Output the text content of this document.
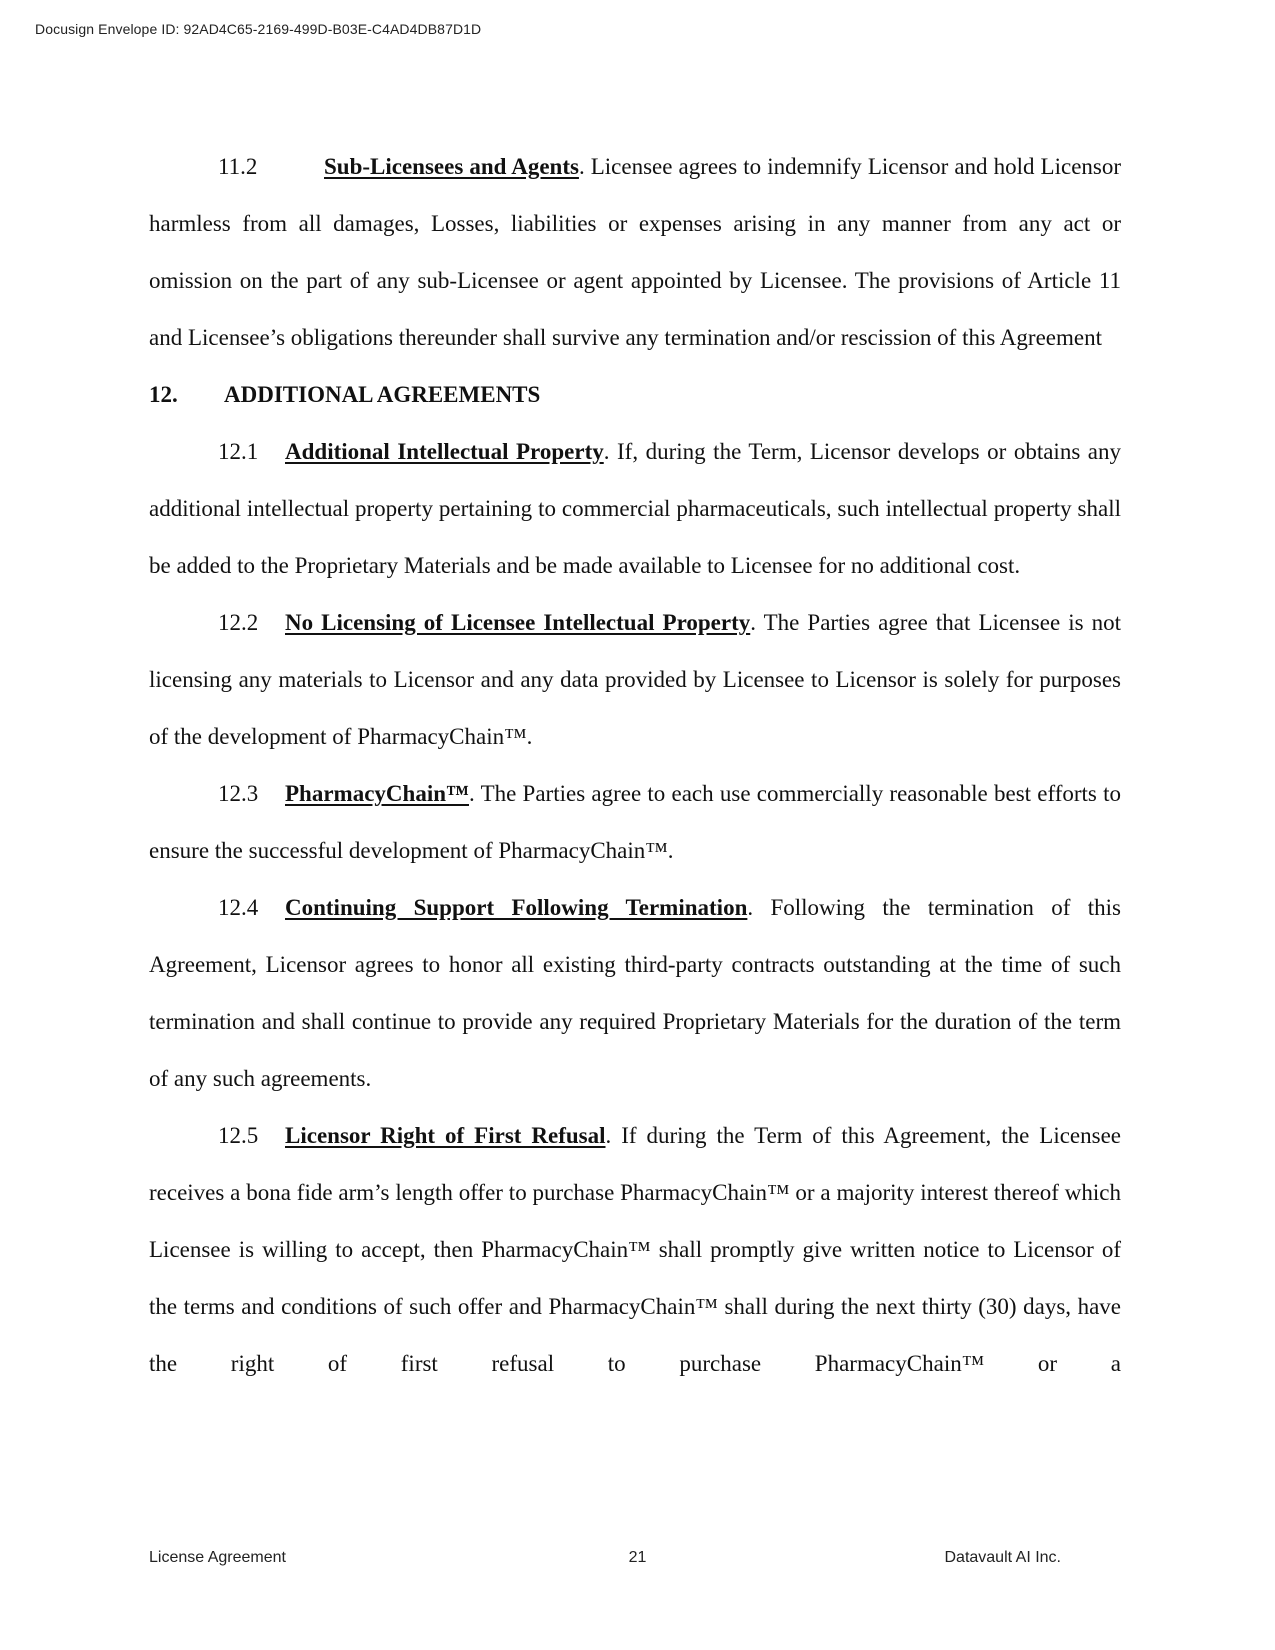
Docusign Envelope ID: 92AD4C65-2169-499D-B03E-C4AD4DB87D1D

11.2	Sub-Licensees and Agents. Licensee agrees to indemnify Licensor and hold Licensor harmless from all damages, Losses, liabilities or expenses arising in any manner from any act or omission on the part of any sub-Licensee or agent appointed by Licensee. The provisions of Article 11 and Licensee’s obligations thereunder shall survive any termination and/or rescission of this Agreement

12. ADDITIONAL AGREEMENTS

12.1 Additional Intellectual Property. If, during the Term, Licensor develops or obtains any additional intellectual property pertaining to commercial pharmaceuticals, such intellectual property shall be added to the Proprietary Materials and be made available to Licensee for no additional cost.

12.2 No Licensing of Licensee Intellectual Property. The Parties agree that Licensee is not licensing any materials to Licensor and any data provided by Licensee to Licensor is solely for purposes of the development of PharmacyChain™.

12.3 PharmacyChain™. The Parties agree to each use commercially reasonable best efforts to ensure the successful development of PharmacyChain™.

12.4 Continuing Support Following Termination. Following the termination of this Agreement, Licensor agrees to honor all existing third-party contracts outstanding at the time of such termination and shall continue to provide any required Proprietary Materials for the duration of the term of any such agreements.

12.5 Licensor Right of First Refusal. If during the Term of this Agreement, the Licensee receives a bona fide arm’s length offer to purchase PharmacyChain™ or a majority interest thereof which Licensee is willing to accept, then PharmacyChain™ shall promptly give written notice to Licensor of the terms and conditions of such offer and PharmacyChain™ shall during the next thirty (30) days, have the right of first refusal to purchase PharmacyChain™ or a

License Agreement	21	Datavault AI Inc.
